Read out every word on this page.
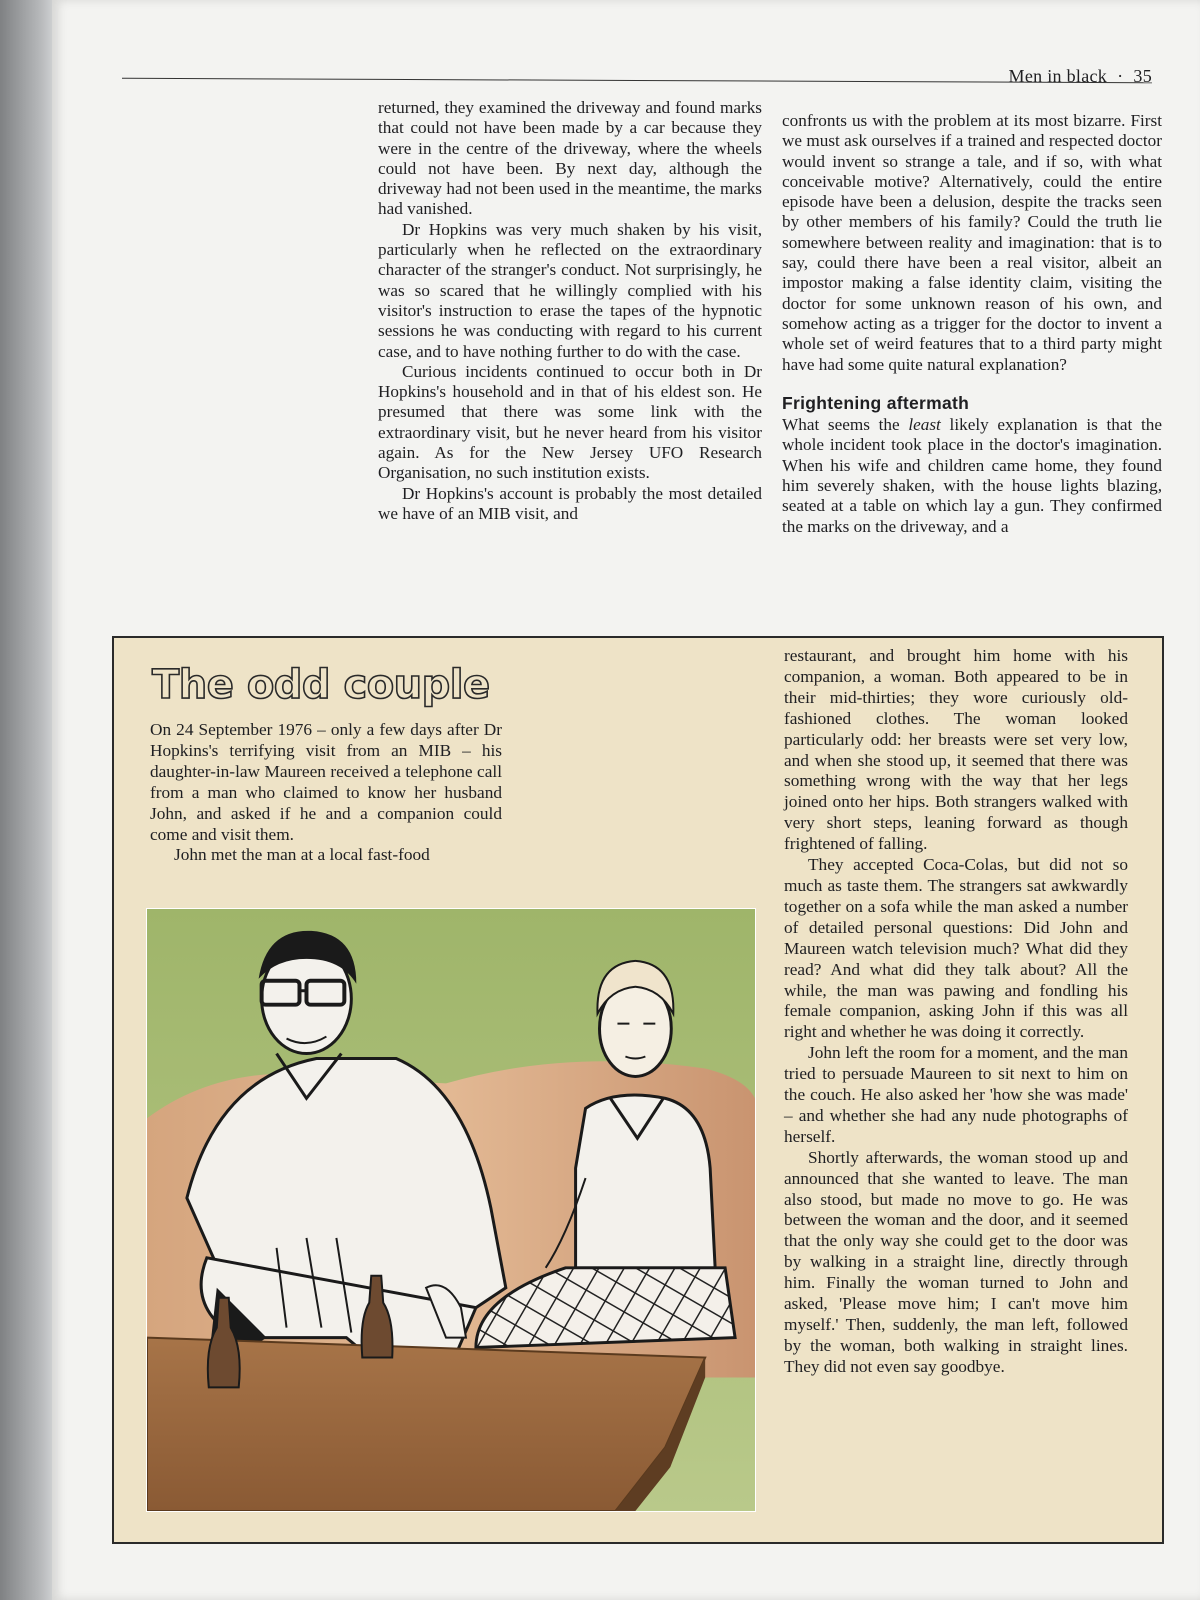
Men in black · 35

returned, they examined the driveway and found marks that could not have been made by a car because they were in the centre of the driveway, where the wheels could not have been. By next day, although the driveway had not been used in the meantime, the marks had vanished.

Dr Hopkins was very much shaken by his visit, particularly when he reflected on the extraordinary character of the stranger's conduct. Not surprisingly, he was so scared that he willingly complied with his visitor's instruction to erase the tapes of the hypnotic sessions he was conducting with regard to his current case, and to have nothing further to do with the case.

Curious incidents continued to occur both in Dr Hopkins's household and in that of his eldest son. He presumed that there was some link with the extraordinary visit, but he never heard from his visitor again. As for the New Jersey UFO Research Organisation, no such institution exists.

Dr Hopkins's account is probably the most detailed we have of an MIB visit, and

confronts us with the problem at its most bizarre. First we must ask ourselves if a trained and respected doctor would invent so strange a tale, and if so, with what conceivable motive? Alternatively, could the entire episode have been a delusion, despite the tracks seen by other members of his family? Could the truth lie somewhere between reality and imagination: that is to say, could there have been a real visitor, albeit an impostor making a false identity claim, visiting the doctor for some unknown reason of his own, and somehow acting as a trigger for the doctor to invent a whole set of weird features that to a third party might have had some quite natural explanation?

Frightening aftermath

What seems the least likely explanation is that the whole incident took place in the doctor's imagination. When his wife and children came home, they found him severely shaken, with the house lights blazing, seated at a table on which lay a gun. They confirmed the marks on the driveway, and a

The odd couple

On 24 September 1976 – only a few days after Dr Hopkins's terrifying visit from an MIB – his daughter-in-law Maureen received a telephone call from a man who claimed to know her husband John, and asked if he and a companion could come and visit them.

John met the man at a local fast-food

restaurant, and brought him home with his companion, a woman. Both appeared to be in their mid-thirties; they wore curiously old-fashioned clothes. The woman looked particularly odd: her breasts were set very low, and when she stood up, it seemed that there was something wrong with the way that her legs joined onto her hips. Both strangers walked with very short steps, leaning forward as though frightened of falling.

They accepted Coca-Colas, but did not so much as taste them. The strangers sat awkwardly together on a sofa while the man asked a number of detailed personal questions: Did John and Maureen watch television much? What did they read? And what did they talk about? All the while, the man was pawing and fondling his female companion, asking John if this was all right and whether he was doing it correctly.

John left the room for a moment, and the man tried to persuade Maureen to sit next to him on the couch. He also asked her 'how she was made' – and whether she had any nude photographs of herself.

Shortly afterwards, the woman stood up and announced that she wanted to leave. The man also stood, but made no move to go. He was between the woman and the door, and it seemed that the only way she could get to the door was by walking in a straight line, directly through him. Finally the woman turned to John and asked, 'Please move him; I can't move him myself.' Then, suddenly, the man left, followed by the woman, both walking in straight lines. They did not even say goodbye.
